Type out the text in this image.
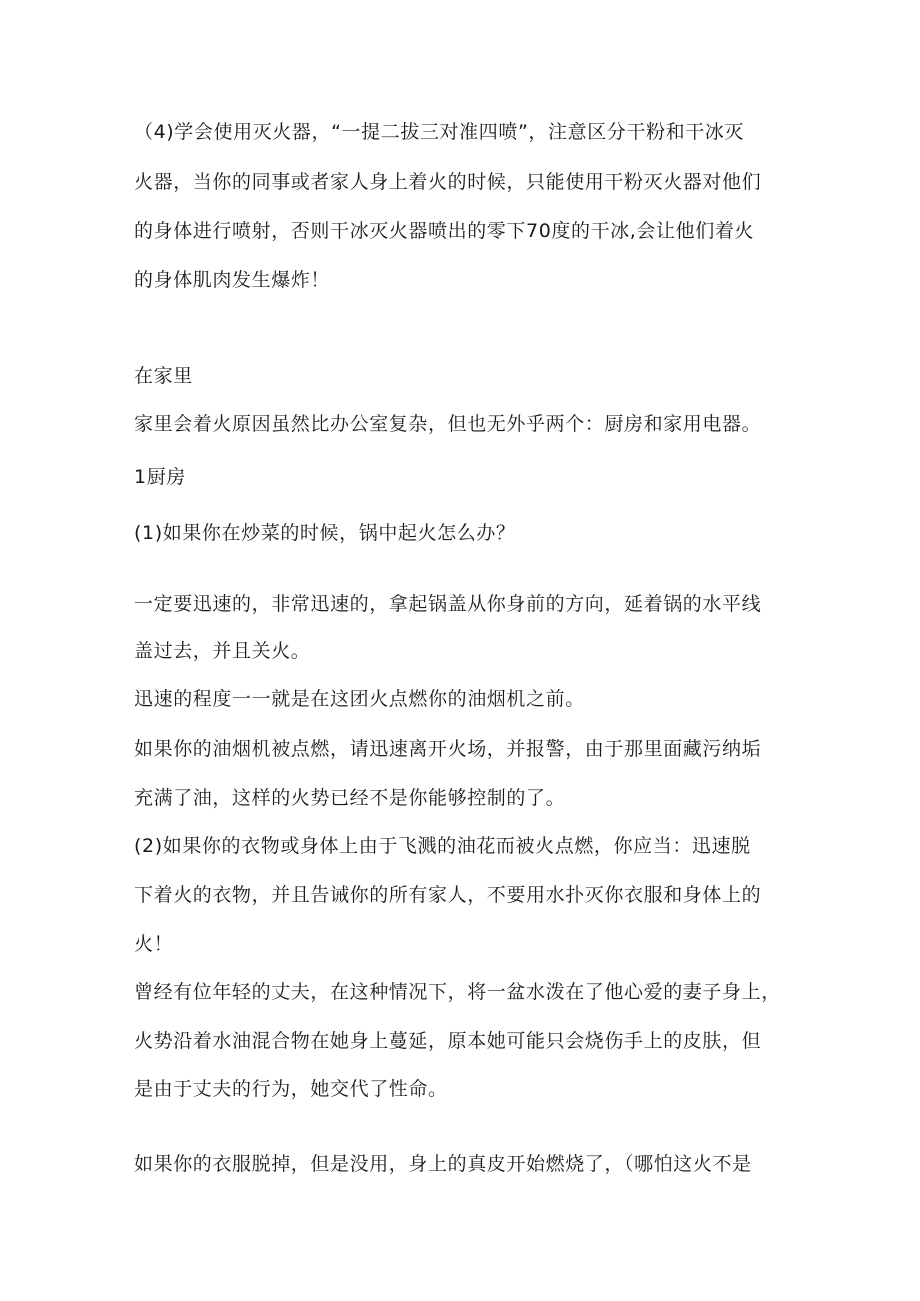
（4)学会使用灭火器，“一提二拔三对准四喷”，注意区分干粉和干冰灭
火器，当你的同事或者家人身上着火的时候，只能使用干粉灭火器对他们
的身体进行喷射，否则干冰灭火器喷出的零下70度的干冰,会让他们着火
的身体肌肉发生爆炸！
在家里
家里会着火原因虽然比办公室复杂，但也无外乎两个：厨房和家用电器。
1厨房
(1)如果你在炒菜的时候，锅中起火怎么办？
一定要迅速的，非常迅速的，拿起锅盖从你身前的方向，延着锅的水平线
盖过去，并且关火。
迅速的程度一一就是在这团火点燃你的油烟机之前。
如果你的油烟机被点燃，请迅速离开火场，并报警，由于那里面藏污纳垢
充满了油，这样的火势已经不是你能够控制的了。
(2)如果你的衣物或身体上由于飞溅的油花而被火点燃，你应当：迅速脱
下着火的衣物，并且告诫你的所有家人，不要用水扑灭你衣服和身体上的
火！
曾经有位年轻的丈夫，在这种情况下，将一盆水泼在了他心爱的妻子身上，
火势沿着水油混合物在她身上蔓延，原本她可能只会烧伤手上的皮肤，但
是由于丈夫的行为，她交代了性命。
如果你的衣服脱掉，但是没用，身上的真皮开始燃烧了，（哪怕这火不是
